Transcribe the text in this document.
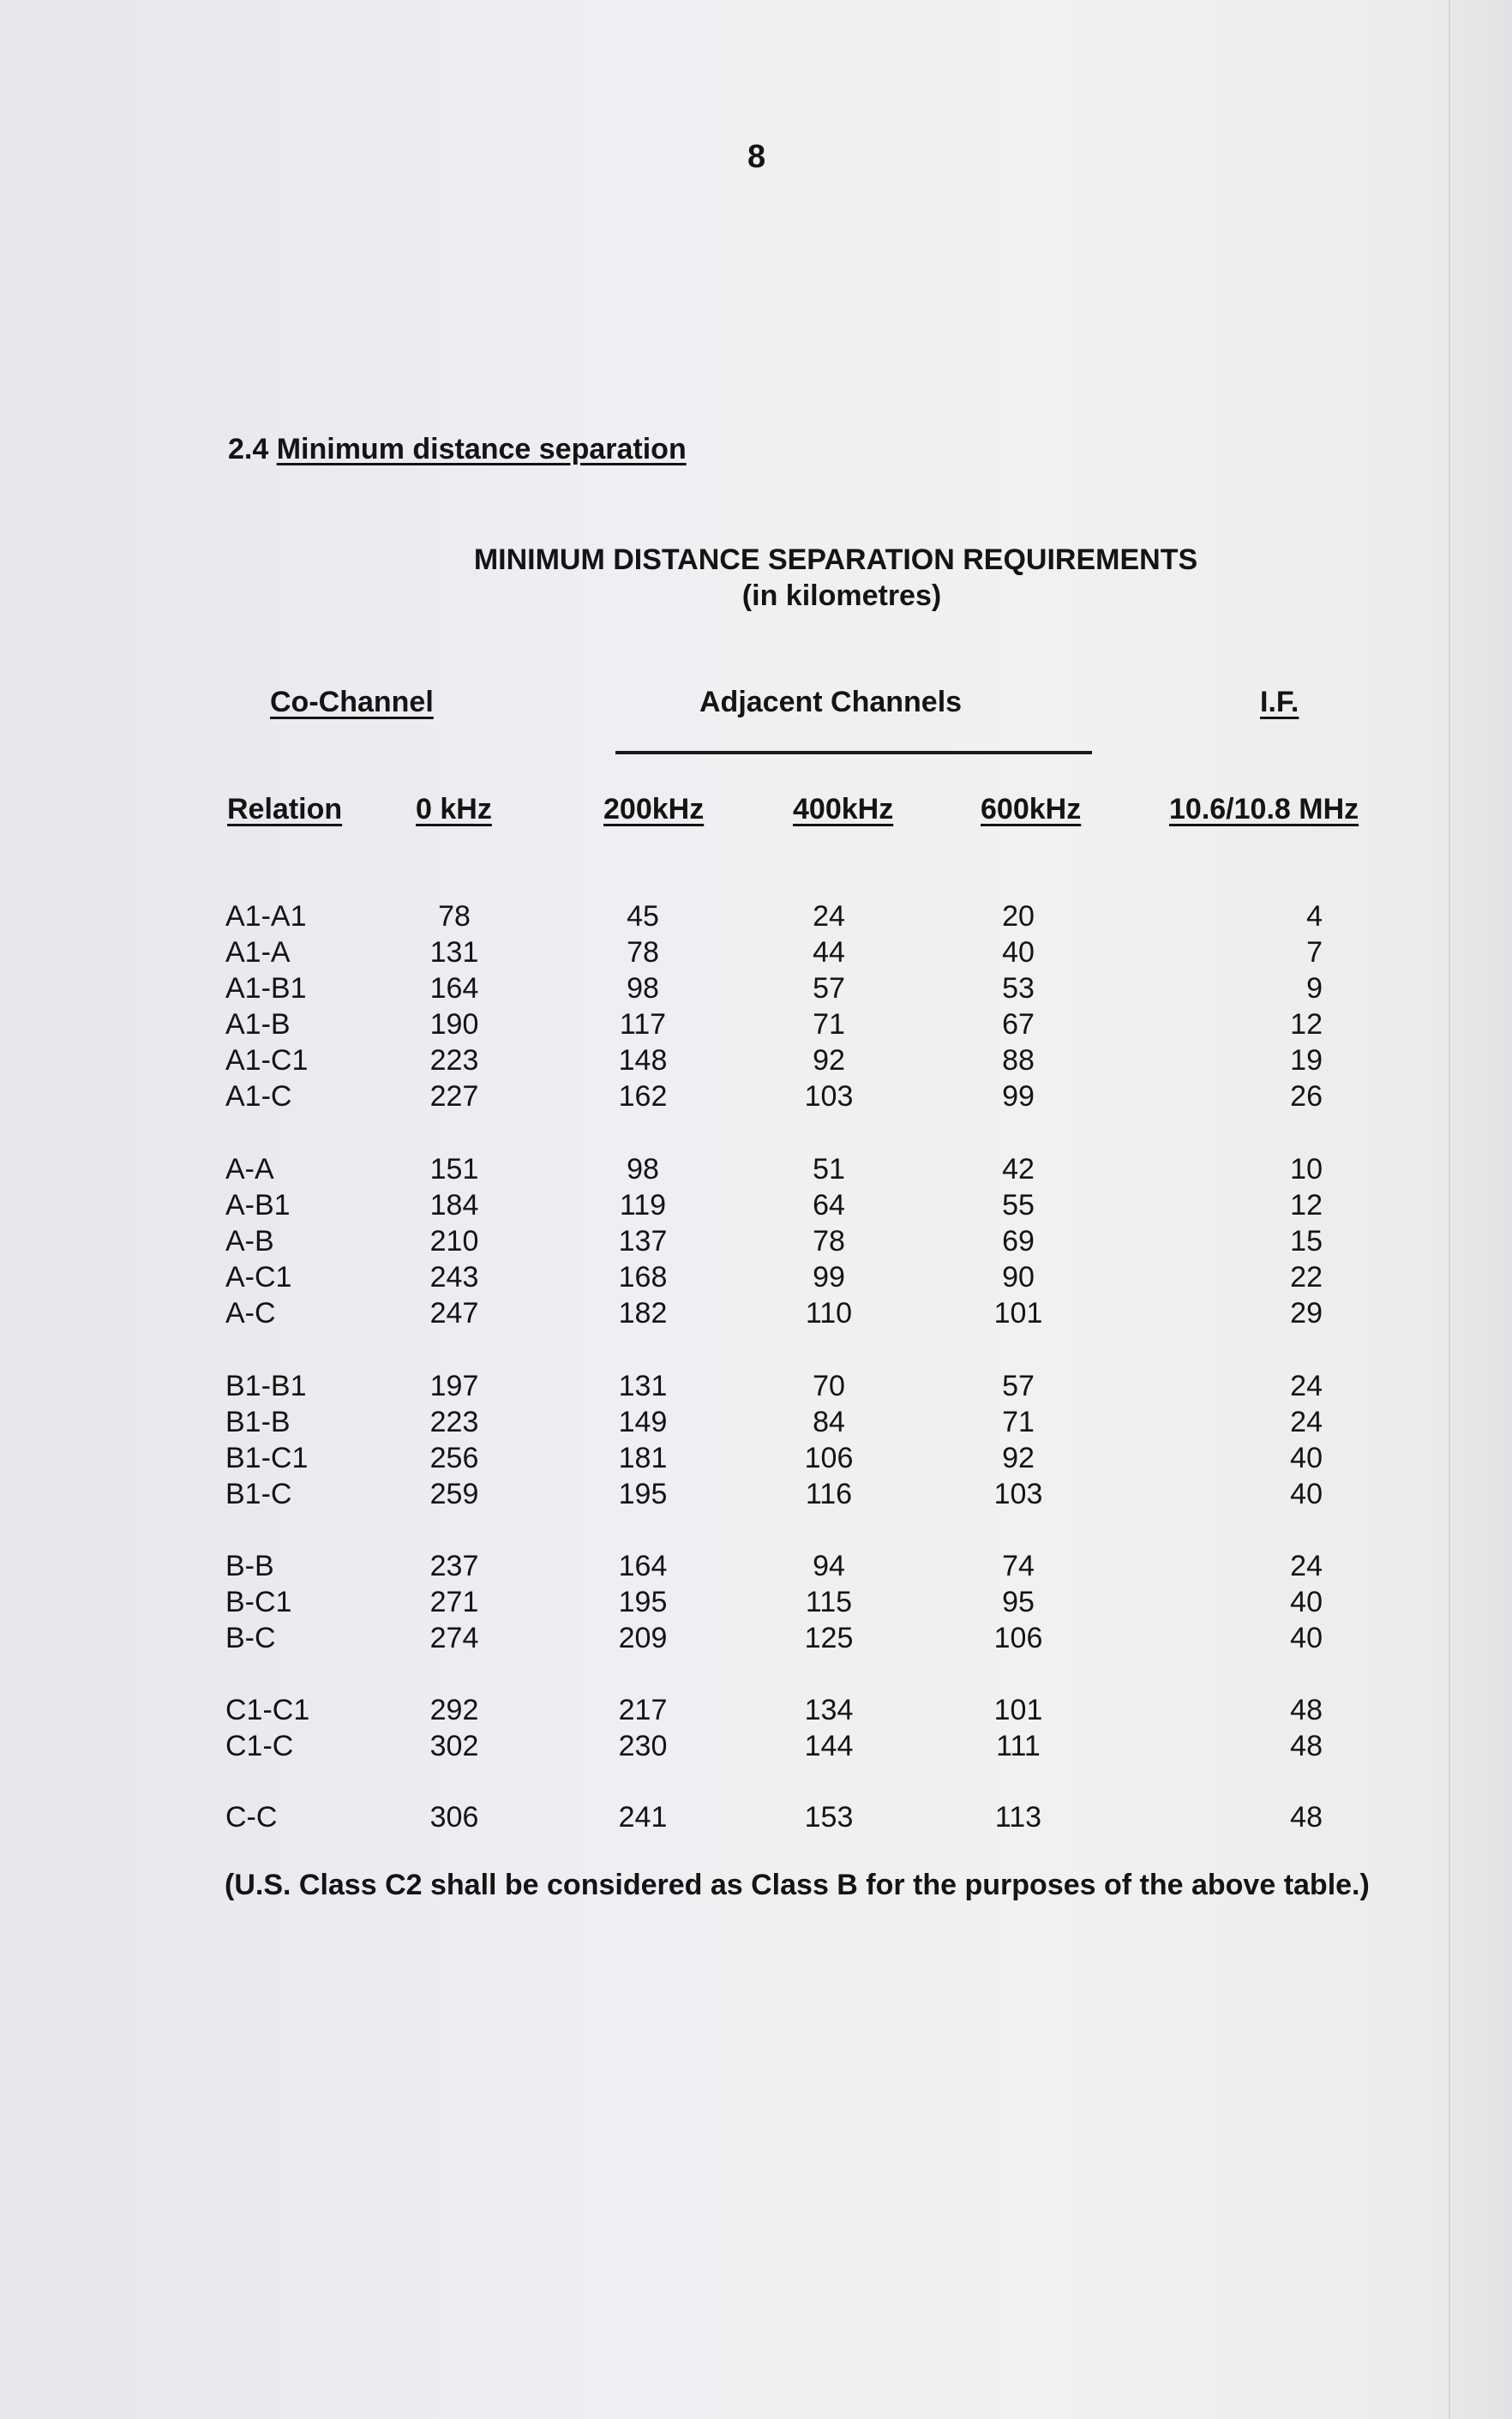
8
2.4 Minimum distance separation
MINIMUM DISTANCE SEPARATION REQUIREMENTS
(in kilometres)
Co-Channel	Adjacent Channels	I.F.
Relation	0 kHz	200kHz	400kHz	600kHz	10.6/10.8 MHz
A1-A1	78	45	24	20	4
A1-A	131	78	44	40	7
A1-B1	164	98	57	53	9
A1-B	190	117	71	67	12
A1-C1	223	148	92	88	19
A1-C	227	162	103	99	26
A-A	151	98	51	42	10
A-B1	184	119	64	55	12
A-B	210	137	78	69	15
A-C1	243	168	99	90	22
A-C	247	182	110	101	29
B1-B1	197	131	70	57	24
B1-B	223	149	84	71	24
B1-C1	256	181	106	92	40
B1-C	259	195	116	103	40
B-B	237	164	94	74	24
B-C1	271	195	115	95	40
B-C	274	209	125	106	40
C1-C1	292	217	134	101	48
C1-C	302	230	144	111	48
C-C	306	241	153	113	48
(U.S. Class C2 shall be considered as Class B for the purposes of the above table.)
